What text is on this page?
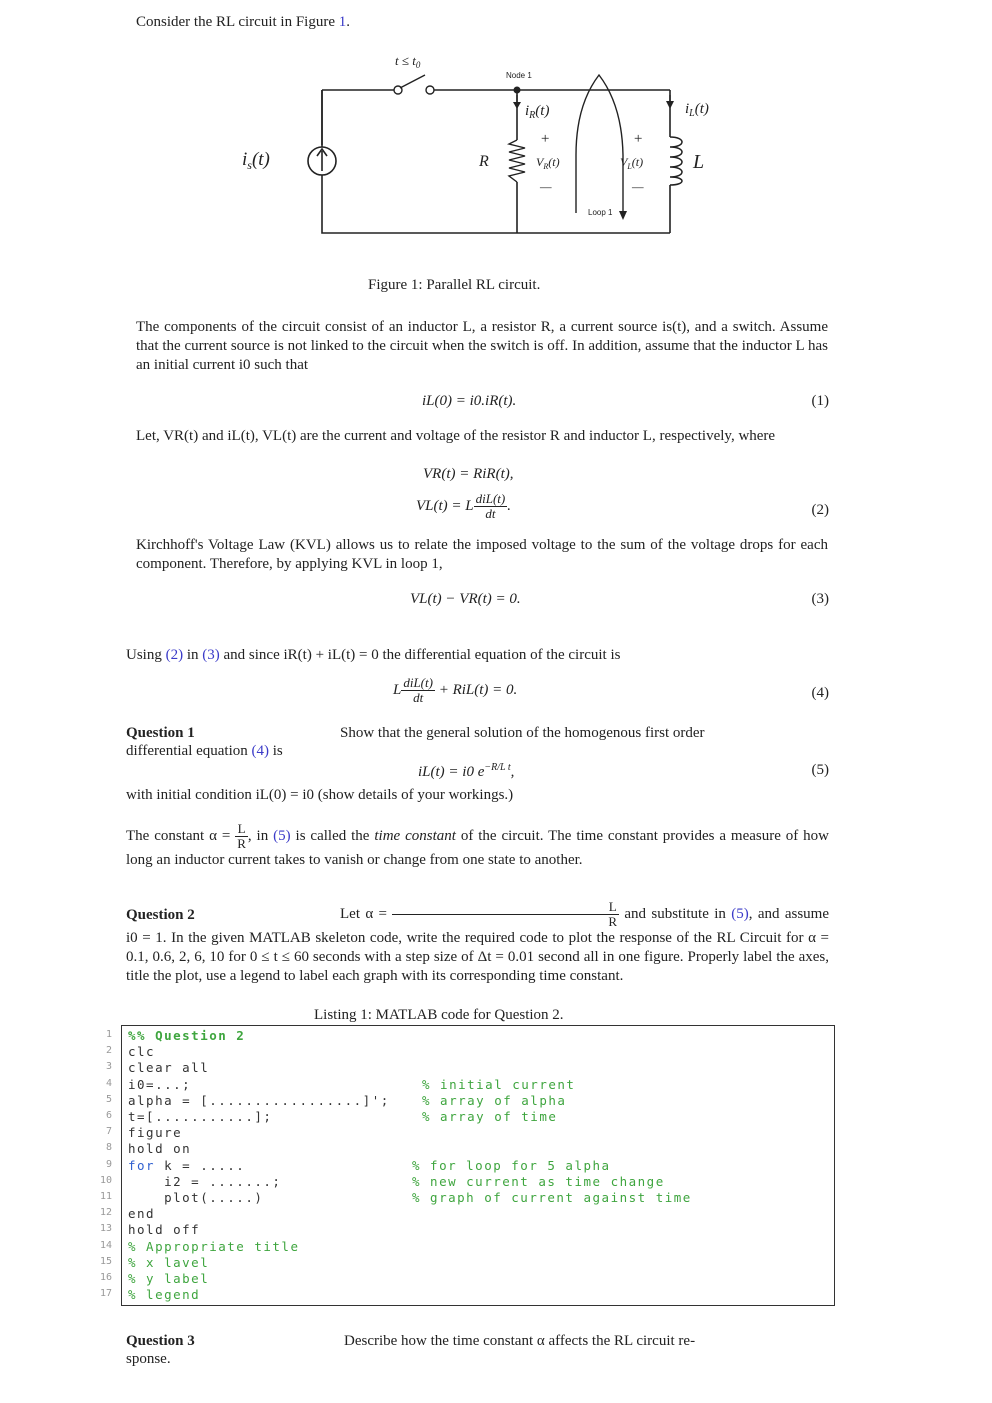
Consider the RL circuit in Figure 1.
$t \le t_0$
$i_s(t)$
Node 1
$i_R(t)$
R
+
$V_R(t)$
—
Loop 1
+
$V_L(t)$
—
$i_L(t)$
L
Figure 1: Parallel RL circuit.
The components of the circuit consist of an inductor L, a resistor R, a current source is(t), and a switch. Assume that the current source is not linked to the circuit when the switch is off. In addition, assume that the inductor L has an initial current i0 such that
iL(0) = i0.iR(t).	(1)
Let, VR(t) and iL(t), VL(t) are the current and voltage of the resistor R and inductor L, respectively, where
VR(t) = RiR(t),
VL(t) = L $\frac{\text{diL(t)}}{dt}$ .	(2)
Kirchhoff's Voltage Law (KVL) allows us to relate the imposed voltage to the sum of the voltage drops for each component. Therefore, by applying KVL in loop 1,
VL(t) − VR(t) = 0.	(3)
Using (2) in (3) and since iR(t) + iL(t) = 0 the differential equation of the circuit is
L $\frac{\text{diL(t)}}{dt} + RiL(t) = 0$.	(4)
Question 1	Show that the general solution of the homogenous first order
differential equation (4) is
iL(t) = i0 $e^{-R/L t}$,	(5)
with initial condition iL(0) = i0 (show details of your workings.)
The constant $\alpha = \frac{L}{R}$ , in (5) is called the time constant of the circuit. The time constant provides a measure of how long an inductor current takes to vanish or change from one state to another.
Question 2	Let $\alpha = \frac{L}{R}$ and substitute in (5), and assume i0 = 1. In the given MATLAB skeleton code, write the required code to plot the response of the RL Circuit for α = 0.1, 0.6, 2, 6, 10 for 0 ≤ t ≤ 60 seconds with a step size of Δt = 0.01 second all in one figure. Properly label the axes, title the plot, use a legend to label each graph with its corresponding time constant.
Listing 1: MATLAB code for Question 2.
1 %% Question 2
2 clc
3 clear all
4 i0=...;	% initial current
5 alpha = [.................]';	% array of alpha
6 t=[...........];	% array of time
7 figure
8 hold on
9 for k = .....	% for loop for 5 alpha
10 i2 = .......;	% new current as time change
11 plot(.....)	% graph of current against time
12 end
13 hold off
14 % Appropriate title
15 % x lavel
16 % y label
17 % legend
Question 3	Describe how the time constant α affects the RL circuit re-
sponse.
